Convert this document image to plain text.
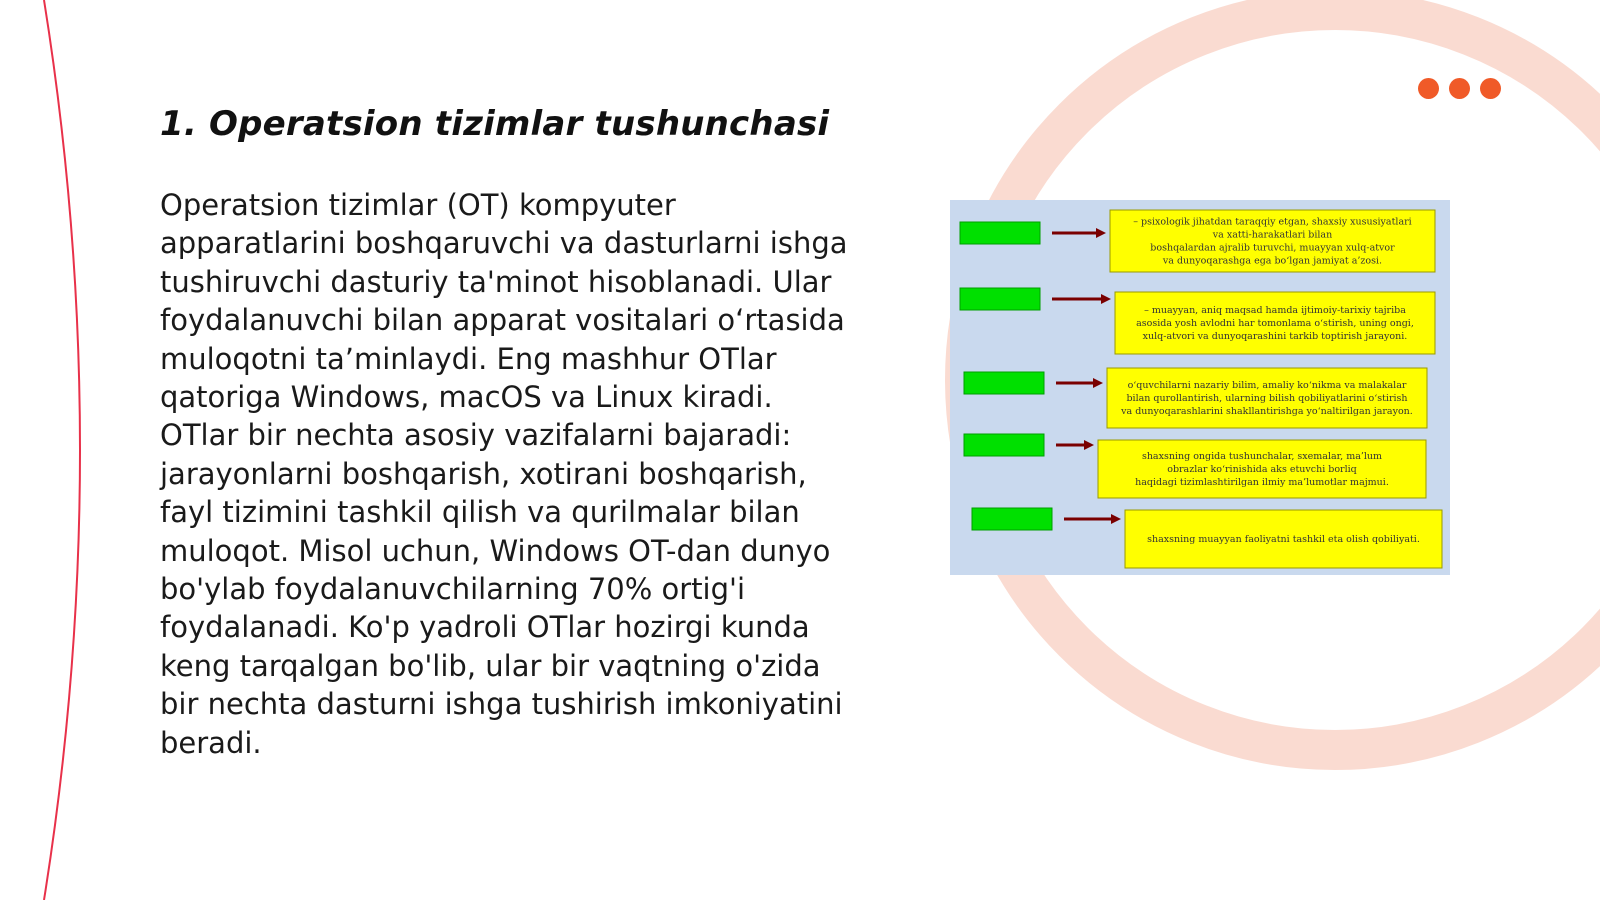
1. Operatsion tizimlar tushunchasi

Operatsion tizimlar (OT) kompyuter apparatlarini boshqaruvchi va dasturlarni ishga tushiruvchi dasturiy ta'minot hisoblanadi. Ular foydalanuvchi bilan apparat vositalari o‘rtasida muloqotni ta’minlaydi. Eng mashhur OTlar qatoriga Windows, macOS va Linux kiradi. OTlar bir nechta asosiy vazifalarni bajaradi: jarayonlarni boshqarish, xotirani boshqarish, fayl tizimini tashkil qilish va qurilmalar bilan muloqot. Misol uchun, Windows OT-dan dunyo bo'ylab foydalanuvchilarning 70% ortig'i foydalanadi. Ko'p yadroli OTlar hozirgi kunda keng tarqalgan bo'lib, ular bir vaqtning o'zida bir nechta dasturni ishga tushirish imkoniyatini beradi.

– psixologik jihatdan taraqqiy etgan, shaxsiy xususiyatlari
va xatti-harakatlari bilan
boshqalardan ajralib turuvchi, muayyan xulq-atvor
va dunyoqarashga ega bo‘lgan jamiyat a’zosi.
– muayyan, aniq maqsad hamda ijtimoiy-tarixiy tajriba
asosida yosh avlodni har tomonlama o‘stirish, uning ongi,
xulq-atvori va dunyoqarashini tarkib toptirish jarayoni.
o‘quvchilarni nazariy bilim, amaliy ko‘nikma va malakalar
bilan qurollantirish, ularning bilish qobiliyatlarini o‘stirish
va dunyoqarashlarini shakllantirishga yo‘naltirilgan jarayon.
shaxsning ongida tushunchalar, sxemalar, ma’lum
obrazlar ko‘rinishida aks etuvchi borliq
haqidagi tizimlashtirilgan ilmiy ma’lumotlar majmui.
shaxsning muayyan faoliyatni tashkil eta olish qobiliyati.
